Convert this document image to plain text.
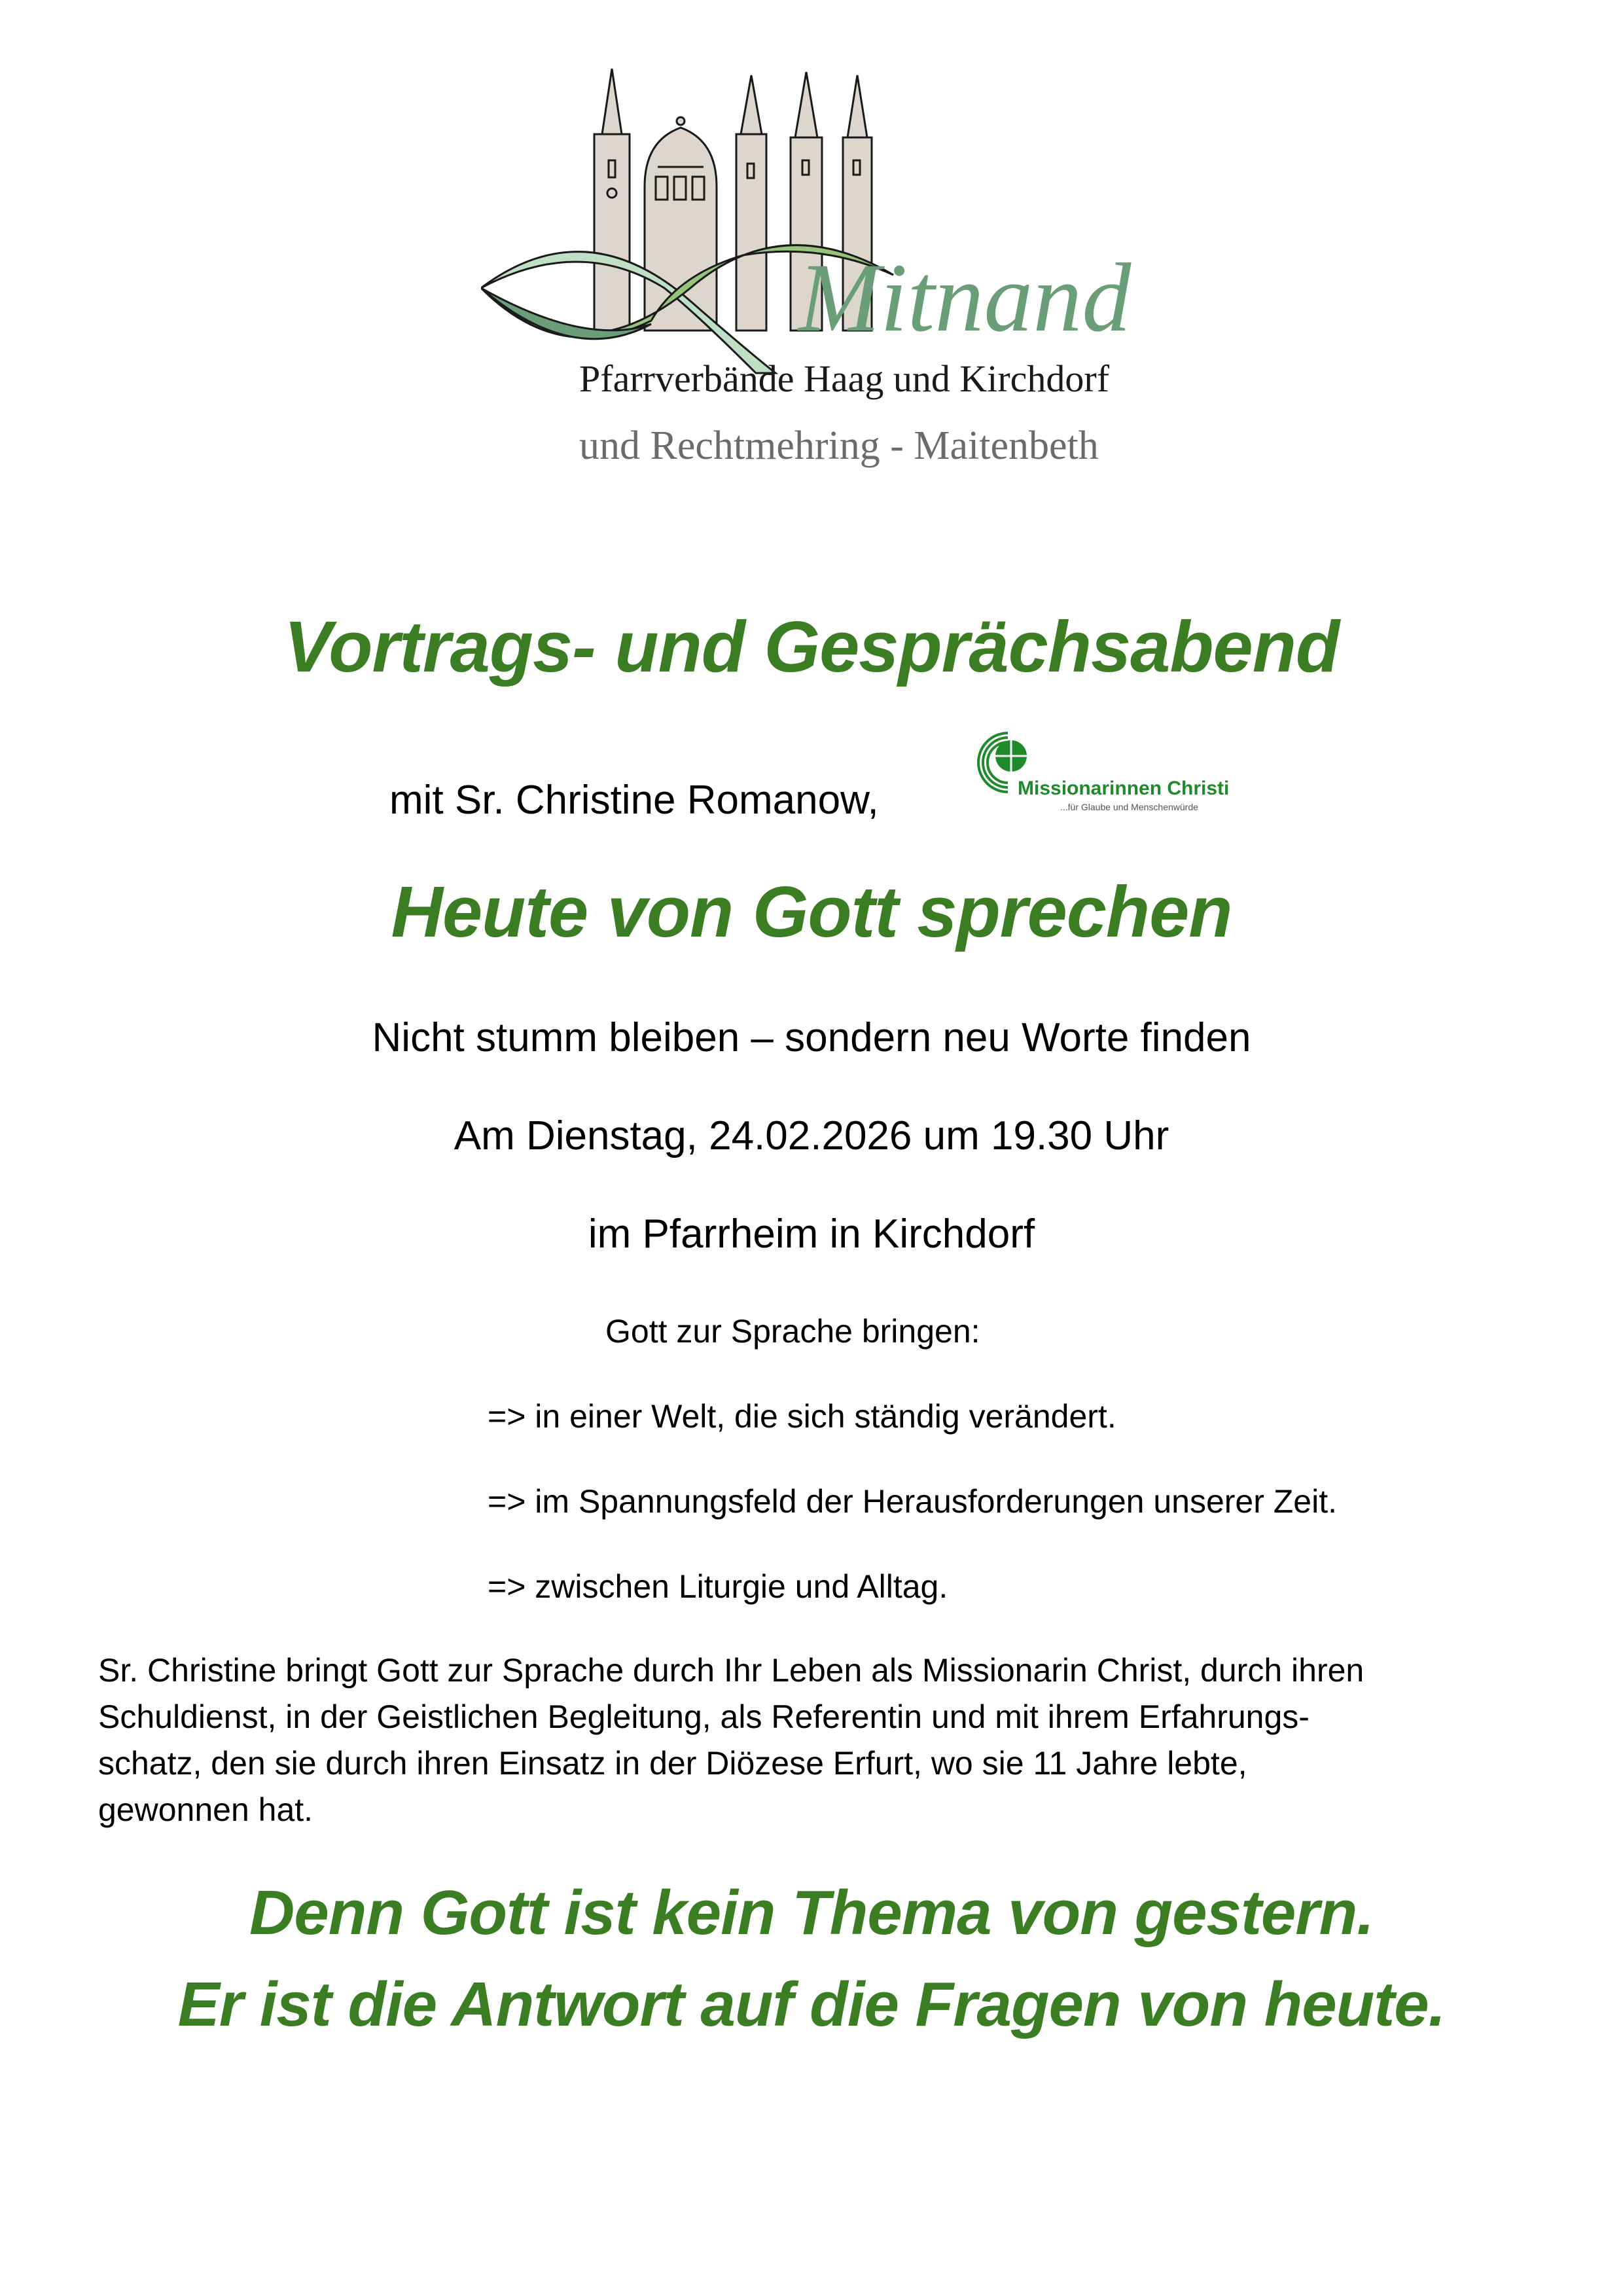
Mitnand
Pfarrverbände Haag und Kirchdorf
und Rechtmehring - Maitenbeth
Vortrags- und Gesprächsabend
mit Sr. Christine Romanow,	Missionarinnen Christi
...für Glaube und Menschenwürde
Heute von Gott sprechen
Nicht stumm bleiben – sondern neu Worte finden
Am Dienstag, 24.02.2026 um 19.30 Uhr
im Pfarrheim in Kirchdorf
Gott zur Sprache bringen:
=> in einer Welt, die sich ständig verändert.
=> im Spannungsfeld der Herausforderungen unserer Zeit.
=> zwischen Liturgie und Alltag.
Sr. Christine bringt Gott zur Sprache durch Ihr Leben als Missionarin Christ, durch ihren
Schuldienst, in der Geistlichen Begleitung, als Referentin und mit ihrem Erfahrungs-
schatz, den sie durch ihren Einsatz in der Diözese Erfurt, wo sie 11 Jahre lebte,
gewonnen hat.
Denn Gott ist kein Thema von gestern.
Er ist die Antwort auf die Fragen von heute.
